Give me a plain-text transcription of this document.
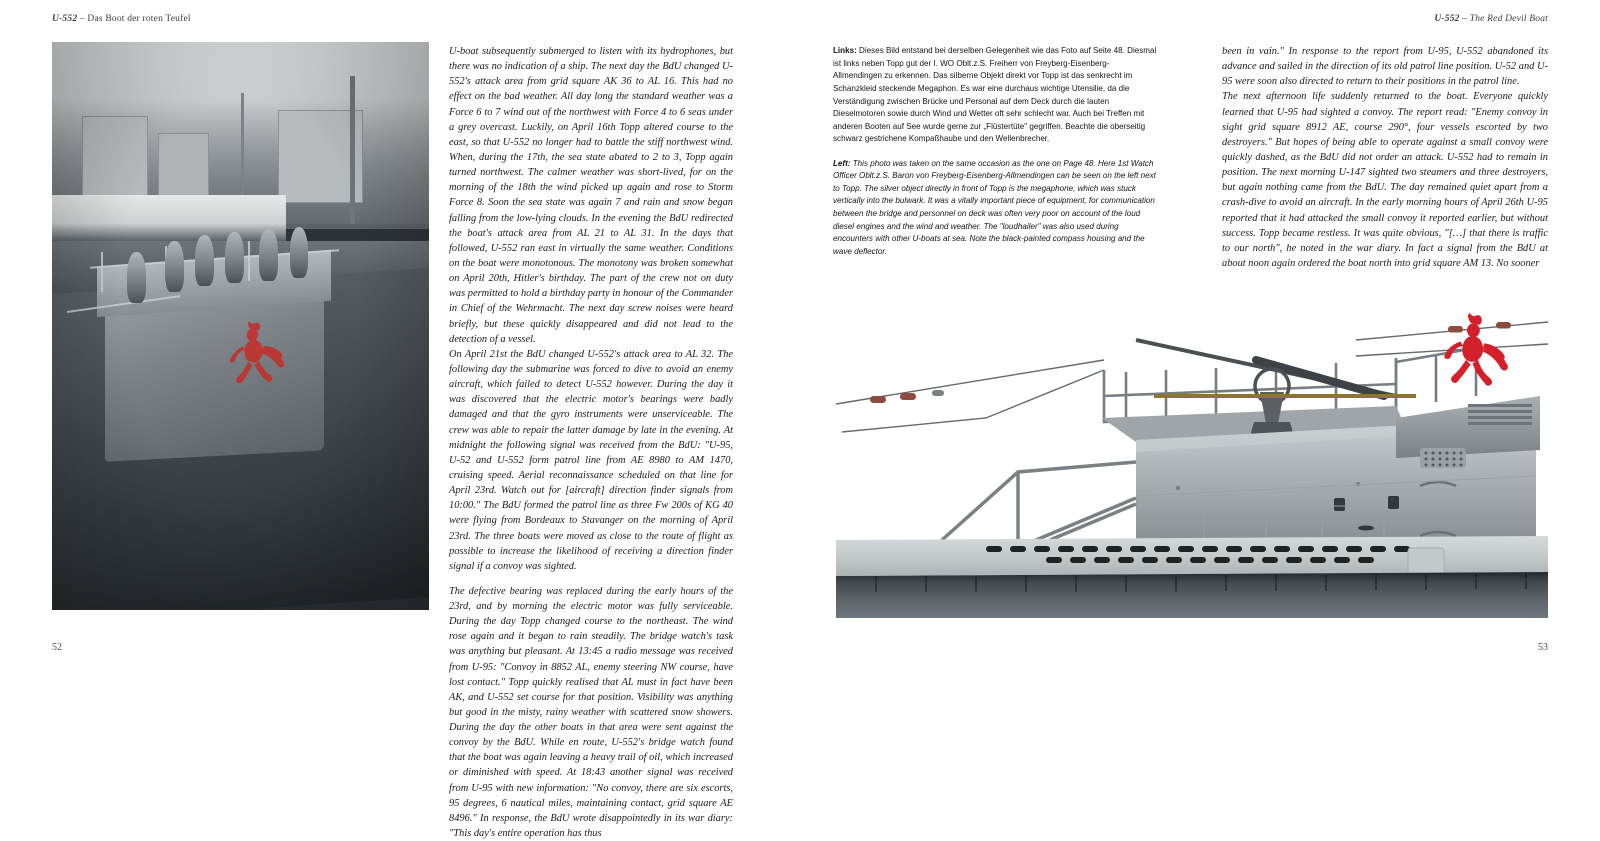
U-552 – Das Boot der roten Teufel

U-boat subsequently submerged to listen with its hydrophones, but there was no indication of a ship. The next day the BdU changed U-552's attack area from grid square AK 36 to AL 16. This had no effect on the bad weather. All day long the standard weather was a Force 6 to 7 wind out of the northwest with Force 4 to 6 seas under a grey overcast. Luckily, on April 16th Topp altered course to the east, so that U-552 no longer had to battle the stiff northwest wind. When, during the 17th, the sea state abated to 2 to 3, Topp again turned northwest. The calmer weather was short-lived, for on the morning of the 18th the wind picked up again and rose to Storm Force 8. Soon the sea state was again 7 and rain and snow began falling from the low-lying clouds. In the evening the BdU redirected the boat's attack area from AL 21 to AL 31. In the days that followed, U-552 ran east in virtually the same weather. Conditions on the boat were monotonous. The monotony was broken somewhat on April 20th, Hitler's birthday. The part of the crew not on duty was permitted to hold a birthday party in honour of the Commander in Chief of the Wehrmacht. The next day screw noises were heard briefly, but these quickly disappeared and did not lead to the detection of a vessel.

On April 21st the BdU changed U-552's attack area to AL 32. The following day the submarine was forced to dive to avoid an enemy aircraft, which failed to detect U-552 however. During the day it was discovered that the electric motor's bearings were badly damaged and that the gyro instruments were unserviceable. The crew was able to repair the latter damage by late in the evening. At midnight the following signal was received from the BdU: "U-95, U-52 and U-552 form patrol line from AE 8980 to AM 1470, cruising speed. Aerial reconnaissance scheduled on that line for April 23rd. Watch out for [aircraft] direction finder signals from 10:00." The BdU formed the patrol line as three Fw 200s of KG 40 were flying from Bordeaux to Stavanger on the morning of April 23rd. The three boats were moved as close to the route of flight as possible to increase the likelihood of receiving a direction finder signal if a convoy was sighted.

The defective bearing was replaced during the early hours of the 23rd, and by morning the electric motor was fully serviceable. During the day Topp changed course to the northeast. The wind rose again and it began to rain steadily. The bridge watch's task was anything but pleasant. At 13:45 a radio message was received from U-95: "Convoy in 8852 AL, enemy steering NW course, have lost contact." Topp quickly realised that AL must in fact have been AK, and U-552 set course for that position. Visibility was anything but good in the misty, rainy weather with scattered snow showers. During the day the other boats in that area were sent against the convoy by the BdU. While en route, U-552's bridge watch found that the boat was again leaving a heavy trail of oil, which increased or diminished with speed. At 18:43 another signal was received from U-95 with new information: "No convoy, there are six escorts, 95 degrees, 6 nautical miles, maintaining contact, grid square AE 8496." In response, the BdU wrote disappointedly in its war diary: "This day's entire operation has thus

52
U-552 – The Red Devil Boat

Links: Dieses Bild entstand bei derselben Gelegenheit wie das Foto auf Seite 48. Diesmal ist links neben Topp gut der I. WO Oblt.z.S. Freiherr von Freyberg-Eisenberg-Allmendingen zu erkennen. Das silberne Objekt direkt vor Topp ist das senkrecht im Schanzkleid steckende Megaphon. Es war eine durchaus wichtige Utensilie, da die Verständigung zwischen Brücke und Personal auf dem Deck durch die lauten Dieselmotoren sowie durch Wind und Wetter oft sehr schlecht war. Auch bei Treffen mit anderen Booten auf See wurde gerne zur „Flüstertüte" gegriffen. Beachte die oberseitig schwarz gestrichene Kompaßhaube und den Wellenbrecher.

Left: This photo was taken on the same occasion as the one on Page 48. Here 1st Watch Officer Oblt.z.S. Baron von Freyberg-Eisenberg-Allmendingen can be seen on the left next to Topp. The silver object directly in front of Topp is the megaphone, which was stuck vertically into the bulwark. It was a vitally important piece of equipment, for communication between the bridge and personnel on deck was often very poor on account of the loud diesel engines and the wind and weather. The "loudhailer" was also used during encounters with other U-boats at sea. Note the black-painted compass housing and the wave deflector.

been in vain." In response to the report from U-95, U-552 abandoned its advance and sailed in the direction of its old patrol line position. U-52 and U-95 were soon also directed to return to their positions in the patrol line.

The next afternoon life suddenly returned to the boat. Everyone quickly learned that U-95 had sighted a convoy. The report read: "Enemy convoy in sight grid square 8912 AE, course 290°, four vessels escorted by two destroyers." But hopes of being able to operate against a small convoy were quickly dashed, as the BdU did not order an attack. U-552 had to remain in position. The next morning U-147 sighted two steamers and three destroyers, but again nothing came from the BdU. The day remained quiet apart from a crash-dive to avoid an aircraft. In the early morning hours of April 26th U-95 reported that it had attacked the small convoy it reported earlier, but without success. Topp became restless. It was quite obvious, "[…] that there is traffic to our north", he noted in the war diary. In fact a signal from the BdU at about noon again ordered the boat north into grid square AM 13. No sooner

© by Juanita Franzi
53
